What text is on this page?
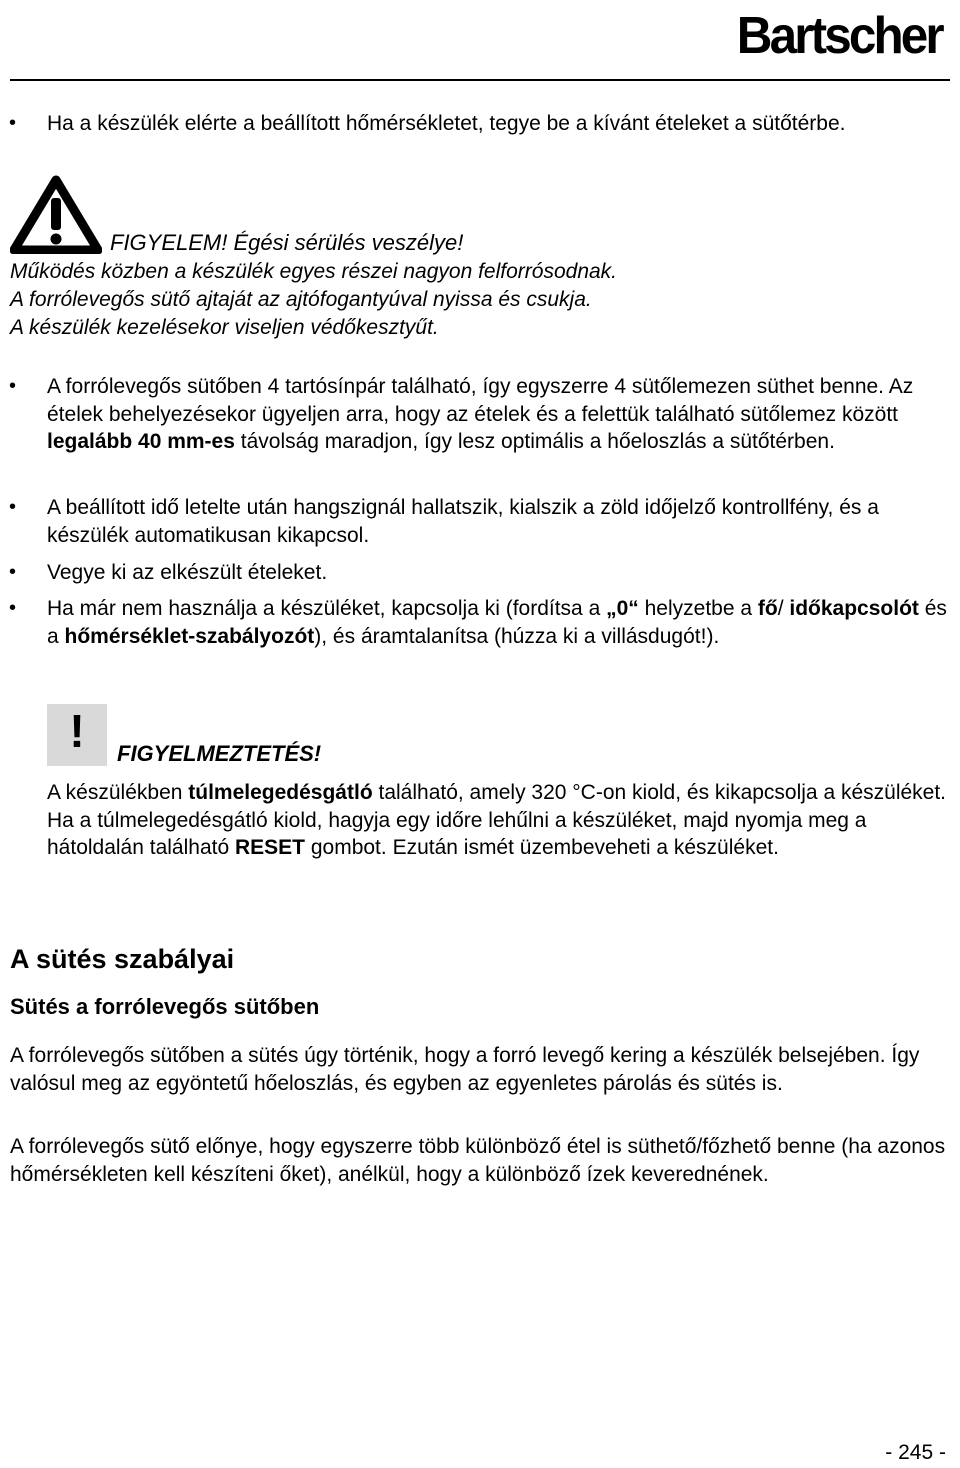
Bartscher
• Ha a készülék elérte a beállított hőmérsékletet, tegye be a kívánt ételeket a sütőtérbe.
FIGYELEM! Égési sérülés veszélye!
Működés közben a készülék egyes részei nagyon felforrósodnak.
A forrólevegős sütő ajtaját az ajtófogantyúval nyissa és csukja.
A készülék kezelésekor viseljen védőkesztyűt.
• A forrólevegős sütőben 4 tartósínpár található, így egyszerre 4 sütőlemezen süthet benne. Az ételek behelyezésekor ügyeljen arra, hogy az ételek és a felettük található sütőlemez között legalább 40 mm-es távolság maradjon, így lesz optimális a hőeloszlás a sütőtérben.
• A beállított idő letelte után hangszignál hallatszik, kialszik a zöld időjelző kontrollfény, és a készülék automatikusan kikapcsol.
• Vegye ki az elkészült ételeket.
• Ha már nem használja a készüléket, kapcsolja ki (fordítsa a „0“ helyzetbe a fő/ időkapcsolót és a hőmérséklet-szabályozót), és áramtalanítsa (húzza ki a villásdugót!).
!	FIGYELMEZTETÉS!
A készülékben túlmelegedésgátló található, amely 320 °C-on kiold, és kikapcsolja a készüléket. Ha a túlmelegedésgátló kiold, hagyja egy időre lehűlni a készüléket, majd nyomja meg a hátoldalán található RESET gombot. Ezután ismét üzembeveheti a készüléket.
A sütés szabályai
Sütés a forrólevegős sütőben
A forrólevegős sütőben a sütés úgy történik, hogy a forró levegő kering a készülék belsejében. Így valósul meg az egyöntetű hőeloszlás, és egyben az egyenletes párolás és sütés is.
A forrólevegős sütő előnye, hogy egyszerre több különböző étel is süthető/főzhető benne (ha azonos hőmérsékleten kell készíteni őket), anélkül, hogy a különböző ízek keverednének.
- 245 -
